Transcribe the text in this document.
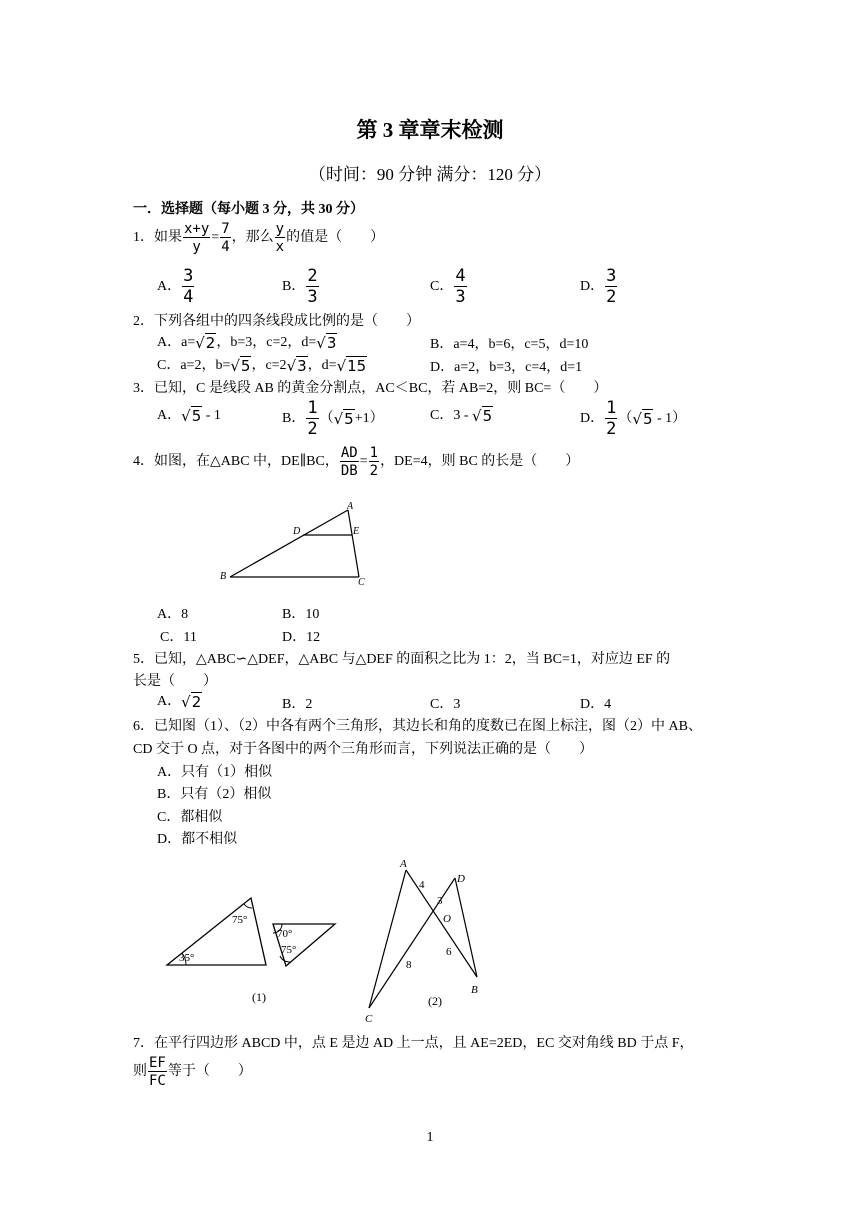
第 3 章章末检测
（时间：90 分钟 满分：120 分）
一．选择题（每小题 3 分，共 30 分）
1．如果 $\frac{x+y}{y} = \frac{7}{4}$ ，那么 $\frac{y}{x}$ 的值是（　　）
A． $\frac{3}{4}$	B． $\frac{2}{3}$	C． $\frac{4}{3}$	D． $\frac{3}{2}$
2．下列各组中的四条线段成比例的是（　　）
A．a=√2，b=3，c=2，d=√3	B．a=4，b=6，c=5，d=10
C．a=2，b=√5，c=2√3，d=√15	D．a=2，b=3，c=4，d=1
3．已知，C 是线段 AB 的黄金分割点，AC＜BC，若 AB=2，则 BC=（　　）
A．√5 - 1	B． $\frac{1}{2} (√5+1)$	C．3 - √5	D． $\frac{1}{2} (√5 - 1)$
4．如图，在△ABC 中，DE∥BC， $\frac{AD}{DB} = \frac{1}{2}$ ，DE=4，则 BC 的长是（　　）
A
D	E
B
C
A．8	B．10
C．11	D．12
5．已知，△ABC∽△DEF，△ABC 与△DEF 的面积之比为 1：2，当 BC=1，对应边 EF 的
长是（　　）
A．√2	B．2	C．3	D．4
6．已知图（1）、（2）中各有两个三角形，其边长和角的度数已在图上标注，图（2）中 AB、
CD 交于 O 点，对于各图中的两个三角形而言，下列说法正确的是（　　）
A．只有（1）相似
B．只有（2）相似
C．都相似
D．都不相似
75°
35°
70°
75°
(1)
A
D
O
B
C
4
3
8
6
(2)
7．在平行四边形 ABCD 中，点 E 是边 AD 上一点，且 AE=2ED，EC 交对角线 BD 于点 F，
则 $\frac{EF}{FC}$ 等于（　　）
1
